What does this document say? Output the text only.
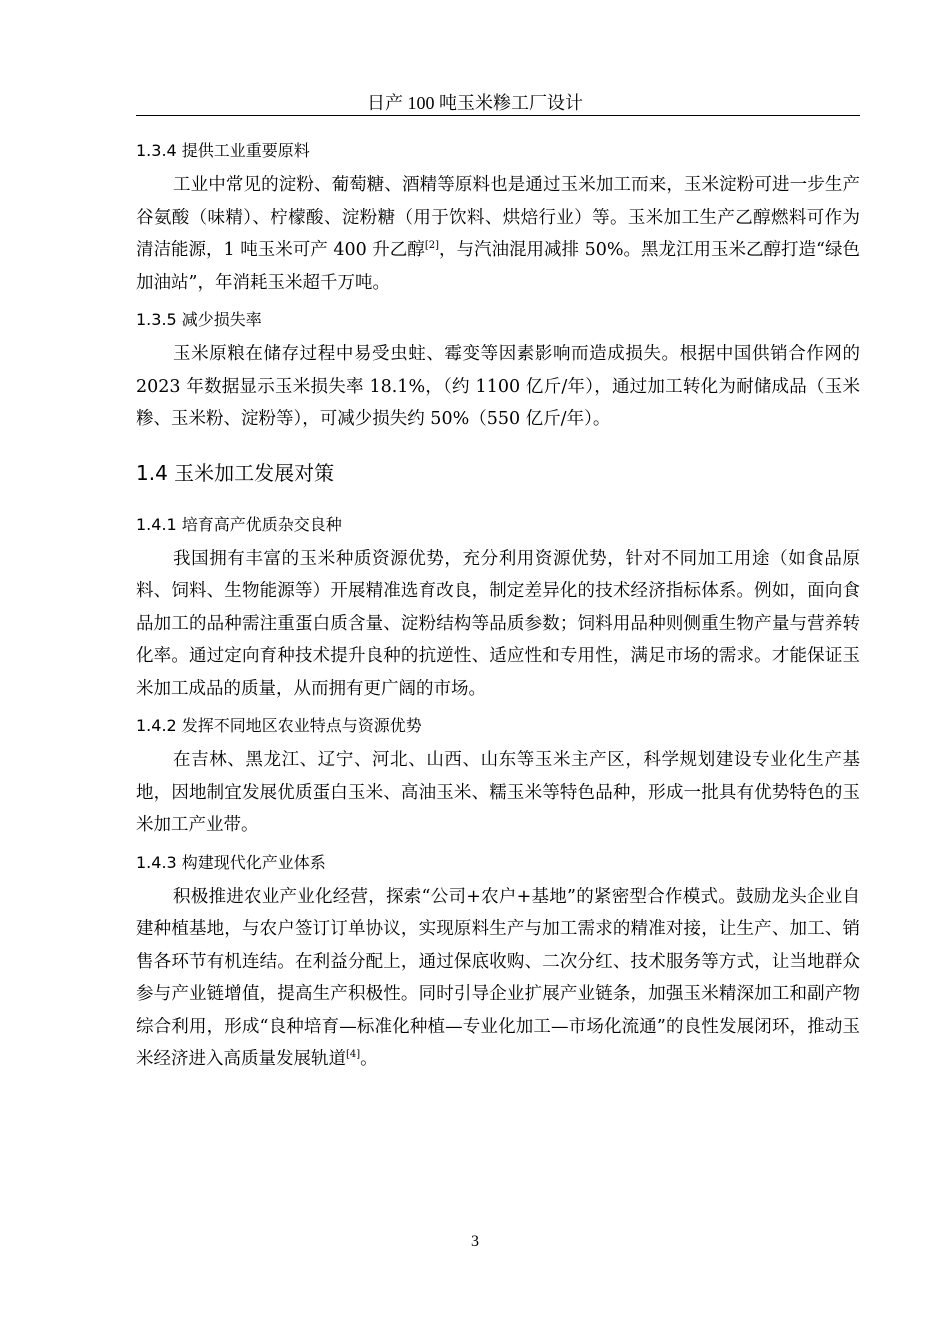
日产 100 吨玉米糁工厂设计
1.3.4 提供工业重要原料

工业中常见的淀粉、葡萄糖、酒精等原料也是通过玉米加工而来，玉米淀粉可进一步生产谷氨酸（味精）、柠檬酸、淀粉糖（用于饮料、烘焙行业）等。玉米加工生产乙醇燃料可作为清洁能源，1 吨玉米可产 400 升乙醇[2]，与汽油混用减排 50%。黑龙江用玉米乙醇打造“绿色加油站”，年消耗玉米超千万吨。

1.3.5 减少损失率

玉米原粮在储存过程中易受虫蛀、霉变等因素影响而造成损失。根据中国供销合作网的 2023 年数据显示玉米损失率 18.1%，（约 1100 亿斤/年），通过加工转化为耐储成品（玉米糁、玉米粉、淀粉等），可减少损失约 50%（550 亿斤/年）。

1.4 玉米加工发展对策
1.4.1 培育高产优质杂交良种

我国拥有丰富的玉米种质资源优势，充分利用资源优势，针对不同加工用途（如食品原料、饲料、生物能源等）开展精准选育改良，制定差异化的技术经济指标体系。例如，面向食品加工的品种需注重蛋白质含量、淀粉结构等品质参数；饲料用品种则侧重生物产量与营养转化率。通过定向育种技术提升良种的抗逆性、适应性和专用性，满足市场的需求。才能保证玉米加工成品的质量，从而拥有更广阔的市场。

1.4.2 发挥不同地区农业特点与资源优势

在吉林、黑龙江、辽宁、河北、山西、山东等玉米主产区，科学规划建设专业化生产基地，因地制宜发展优质蛋白玉米、高油玉米、糯玉米等特色品种，形成一批具有优势特色的玉米加工产业带。

1.4.3 构建现代化产业体系

积极推进农业产业化经营，探索“公司+农户+基地”的紧密型合作模式。鼓励龙头企业自建种植基地，与农户签订订单协议，实现原料生产与加工需求的精准对接，让生产、加工、销售各环节有机连结。在利益分配上，通过保底收购、二次分红、技术服务等方式，让当地群众参与产业链增值，提高生产积极性。同时引导企业扩展产业链条，加强玉米精深加工和副产物综合利用，形成“良种培育—标准化种植—专业化加工—市场化流通”的良性发展闭环，推动玉米经济进入高质量发展轨道[4]。

3
